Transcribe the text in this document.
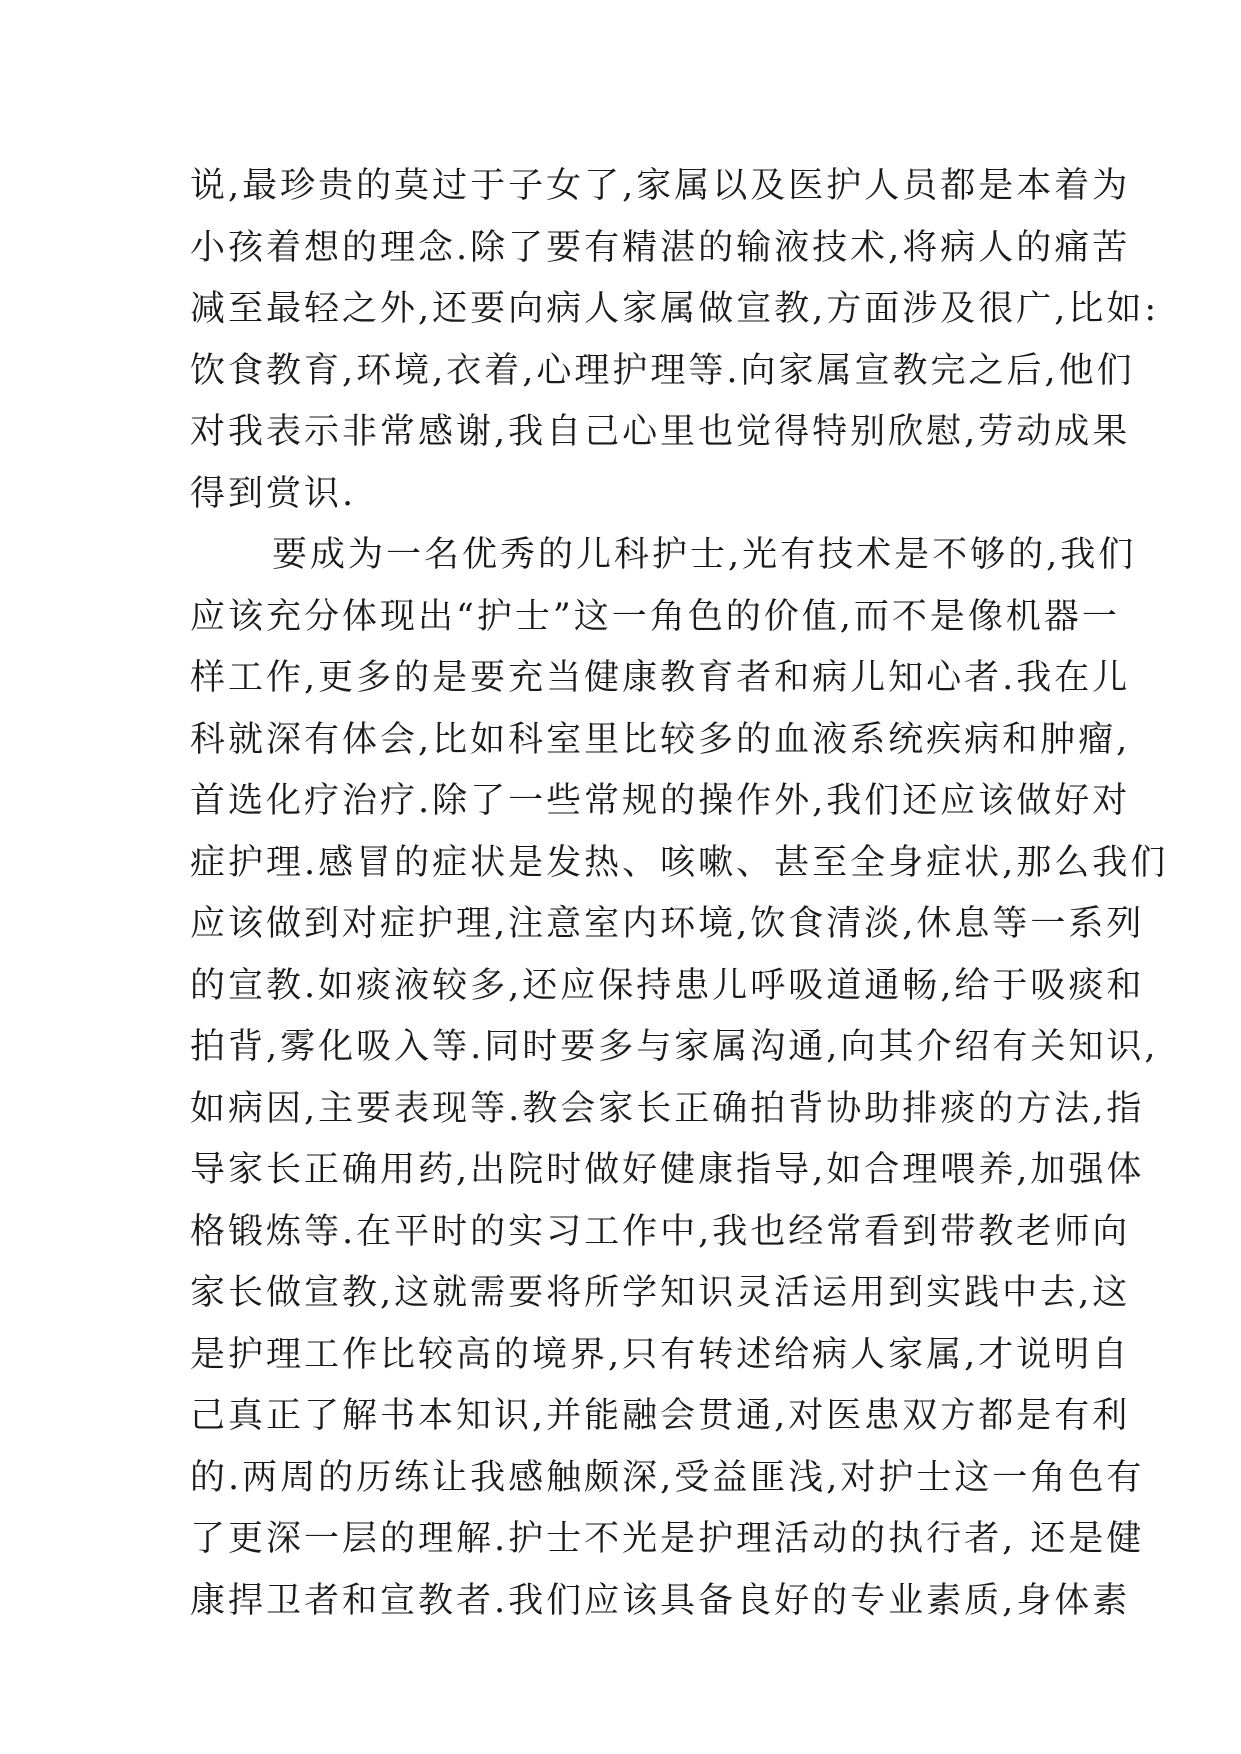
说,最珍贵的莫过于子女了,家属以及医护人员都是本着为
小孩着想的理念.除了要有精湛的输液技术,将病人的痛苦
减至最轻之外,还要向病人家属做宣教,方面涉及很广,比如:
饮食教育,环境,衣着,心理护理等.向家属宣教完之后,他们
对我表示非常感谢,我自己心里也觉得特别欣慰,劳动成果
得到赏识.
要成为一名优秀的儿科护士,光有技术是不够的,我们
应该充分体现出“护士”这一角色的价值,而不是像机器一
样工作,更多的是要充当健康教育者和病儿知心者.我在儿
科就深有体会,比如科室里比较多的血液系统疾病和肿瘤,
首选化疗治疗.除了一些常规的操作外,我们还应该做好对
症护理.感冒的症状是发热、咳嗽、甚至全身症状,那么我们
应该做到对症护理,注意室内环境,饮食清淡,休息等一系列
的宣教.如痰液较多,还应保持患儿呼吸道通畅,给于吸痰和
拍背,雾化吸入等.同时要多与家属沟通,向其介绍有关知识,
如病因,主要表现等.教会家长正确拍背协助排痰的方法,指
导家长正确用药,出院时做好健康指导,如合理喂养,加强体
格锻炼等.在平时的实习工作中,我也经常看到带教老师向
家长做宣教,这就需要将所学知识灵活运用到实践中去,这
是护理工作比较高的境界,只有转述给病人家属,才说明自
己真正了解书本知识,并能融会贯通,对医患双方都是有利
的.两周的历练让我感触颇深,受益匪浅,对护士这一角色有
了更深一层的理解.护士不光是护理活动的执行者, 还是健
康捍卫者和宣教者.我们应该具备良好的专业素质,身体素
